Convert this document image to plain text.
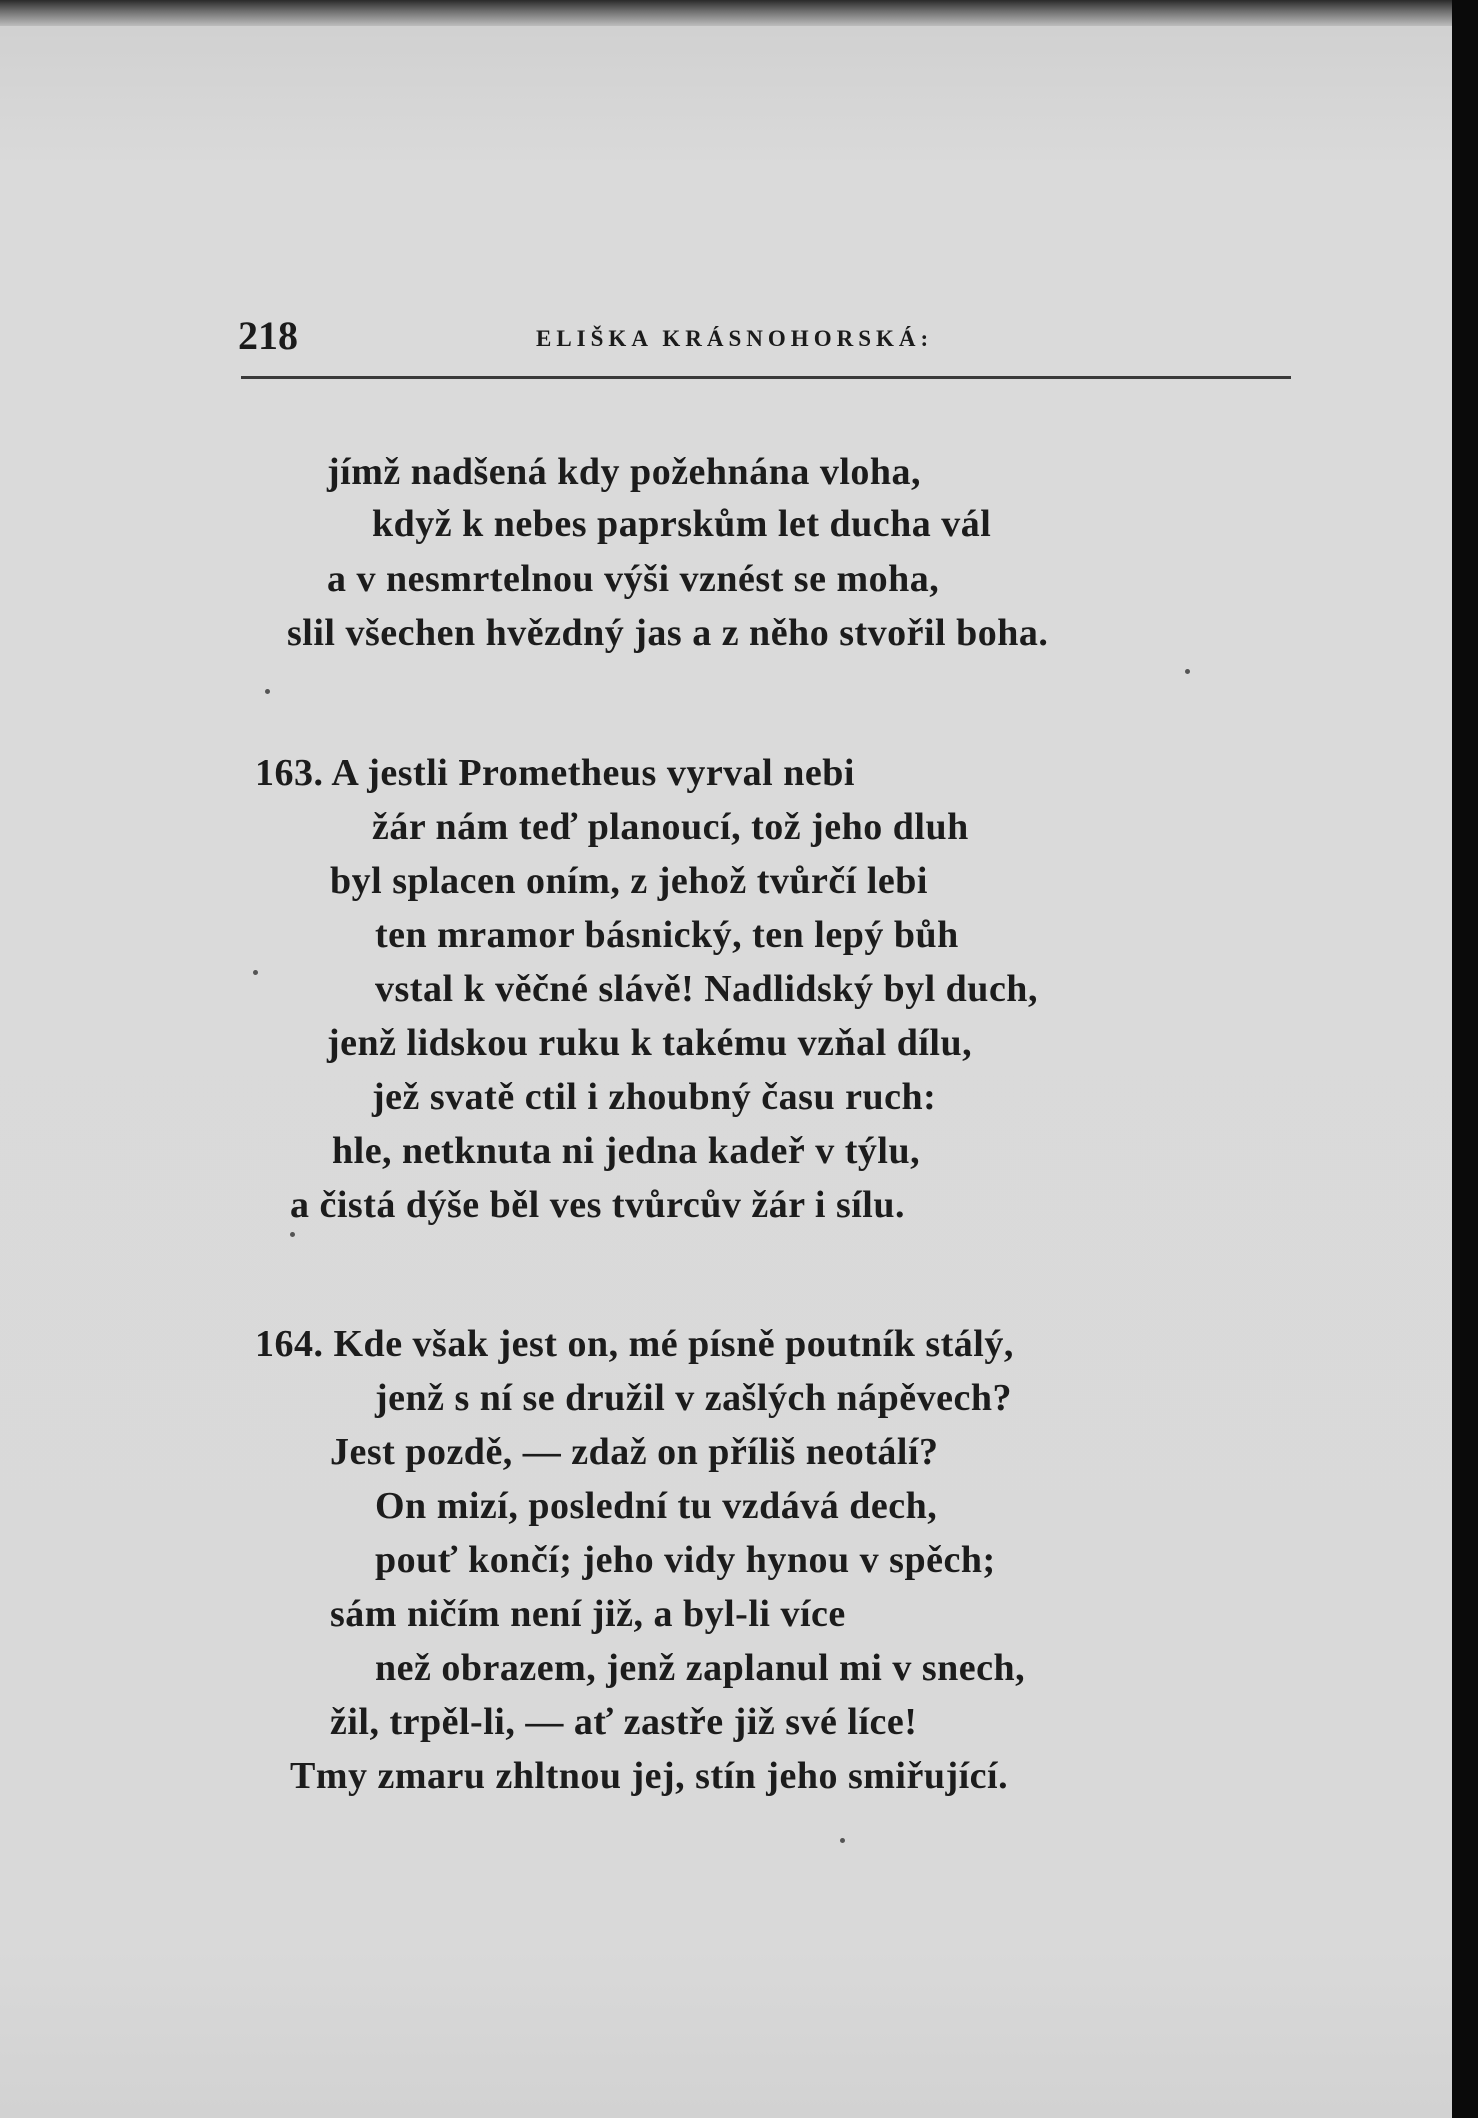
218	ELIŠKA KRÁSNOHORSKÁ:
jímž nadšená kdy požehnána vloha,
když k nebes paprskům let ducha vál
a v nesmrtelnou výši vznést se moha,
slil všechen hvězdný jas a z něho stvořil boha.
163. A jestli Prometheus vyrval nebi
žár nám teď planoucí, tož jeho dluh
byl splacen oním, z jehož tvůrčí lebi
ten mramor básnický, ten lepý bůh
vstal k věčné slávě! Nadlidský byl duch,
jenž lidskou ruku k takému vzňal dílu,
jež svatě ctil i zhoubný času ruch:
hle, netknuta ni jedna kadeř v týlu,
a čistá dýše běl ves tvůrcův žár i sílu.
164. Kde však jest on, mé písně poutník stálý,
jenž s ní se družil v zašlých nápěvech?
Jest pozdě, — zdaž on příliš neotálí?
On mizí, poslední tu vzdává dech,
pouť končí; jeho vidy hynou v spěch;
sám ničím není již, a byl-li více
než obrazem, jenž zaplanul mi v snech,
žil, trpěl-li, — ať zastře již své líce!
Tmy zmaru zhltnou jej, stín jeho smiřující.
